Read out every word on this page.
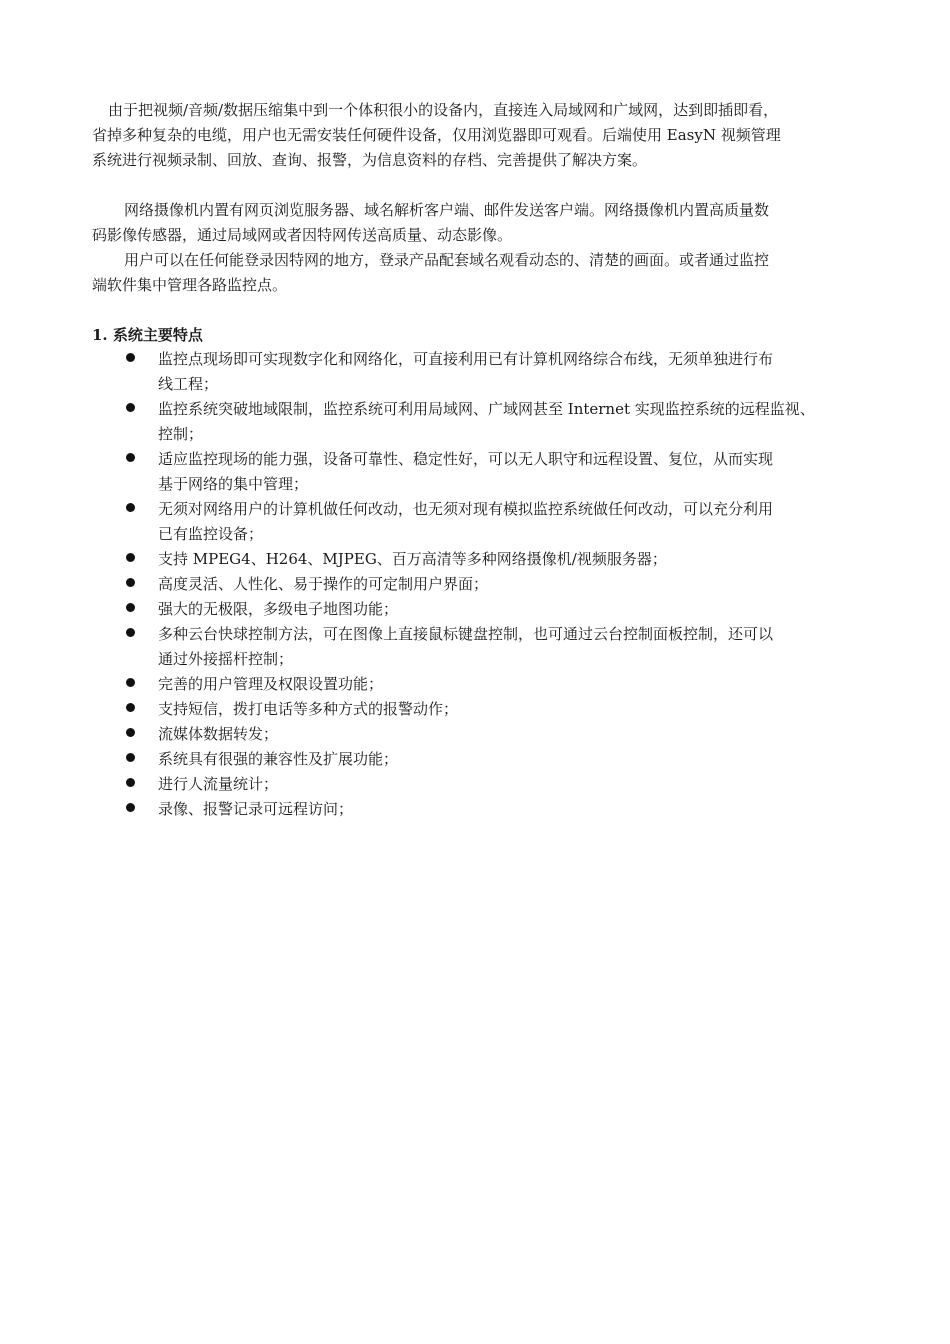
由于把视频/音频/数据压缩集中到一个体积很小的设备内，直接连入局域网和广域网，达到即插即看，
省掉多种复杂的电缆，用户也无需安装任何硬件设备，仅用浏览器即可观看。后端使用 EasyN 视频管理
系统进行视频录制、回放、查询、报警，为信息资料的存档、完善提供了解决方案。
网络摄像机内置有网页浏览服务器、域名解析客户端、邮件发送客户端。网络摄像机内置高质量数
码影像传感器，通过局域网或者因特网传送高质量、动态影像。
用户可以在任何能登录因特网的地方，登录产品配套域名观看动态的、清楚的画面。或者通过监控
端软件集中管理各路监控点。
1. 系统主要特点
监控点现场即可实现数字化和网络化，可直接利用已有计算机网络综合布线，无须单独进行布
线工程；
监控系统突破地域限制，监控系统可利用局域网、广域网甚至 Internet 实现监控系统的远程监视、
控制；
适应监控现场的能力强，设备可靠性、稳定性好，可以无人职守和远程设置、复位，从而实现
基于网络的集中管理；
无须对网络用户的计算机做任何改动，也无须对现有模拟监控系统做任何改动，可以充分利用
已有监控设备；
支持 MPEG4、H264、MJPEG、百万高清等多种网络摄像机/视频服务器；
高度灵活、人性化、易于操作的可定制用户界面；
强大的无极限，多级电子地图功能；
多种云台快球控制方法，可在图像上直接鼠标键盘控制，也可通过云台控制面板控制，还可以
通过外接摇杆控制；
完善的用户管理及权限设置功能；
支持短信，拨打电话等多种方式的报警动作；
流媒体数据转发；
系统具有很强的兼容性及扩展功能；
进行人流量统计；
录像、报警记录可远程访问；
